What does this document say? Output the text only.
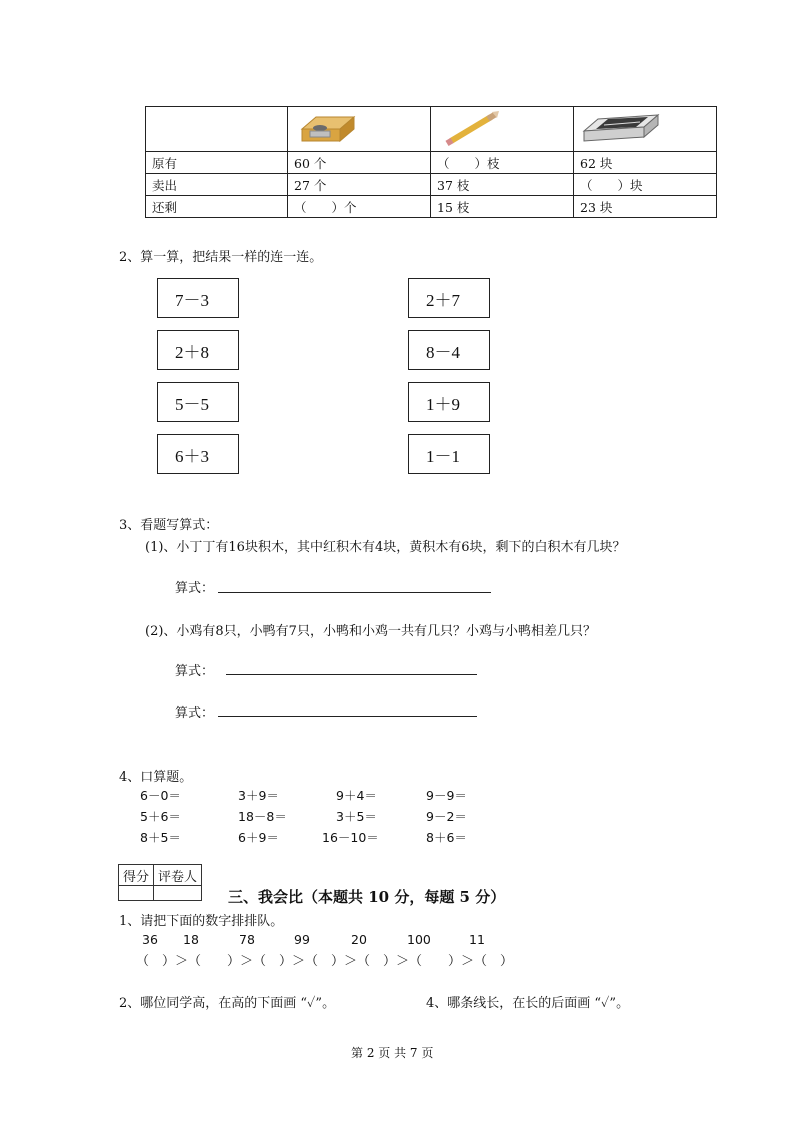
原有	60 个	（　　）枝	62 块
卖出	27 个	37 枝	（　　）块
还剩	（　　）个	15 枝	23 块
2、算一算，把结果一样的连一连。
7－3
2＋8
5－5
6＋3
2＋7
8－4
1＋9
1－1
3、看题写算式：
(1)、小丁丁有16块积木，其中红积木有4块，黄积木有6块，剩下的白积木有几块？
算式：
(2)、小鸡有8只，小鸭有7只，小鸭和小鸡一共有几只？小鸡与小鸭相差几只？
算式：
算式：
4、口算题。
6－0＝	3＋9＝	9＋4＝	9－9＝
5＋6＝	18－8＝	3＋5＝	9－2＝
8＋5＝	6＋9＝	16－10＝	8＋6＝
得分	评卷人

三、我会比（本题共 10 分，每题 5 分）
1、请把下面的数字排排队。
36 18	78	99	20	100	11
（　）＞（　　）＞（　）＞（　）＞（　）＞（　　）＞（　）
2、哪位同学高，在高的下面画 “✓”。	4、哪条线长，在长的后面画 “✓”。
第 2 页 共 7 页
